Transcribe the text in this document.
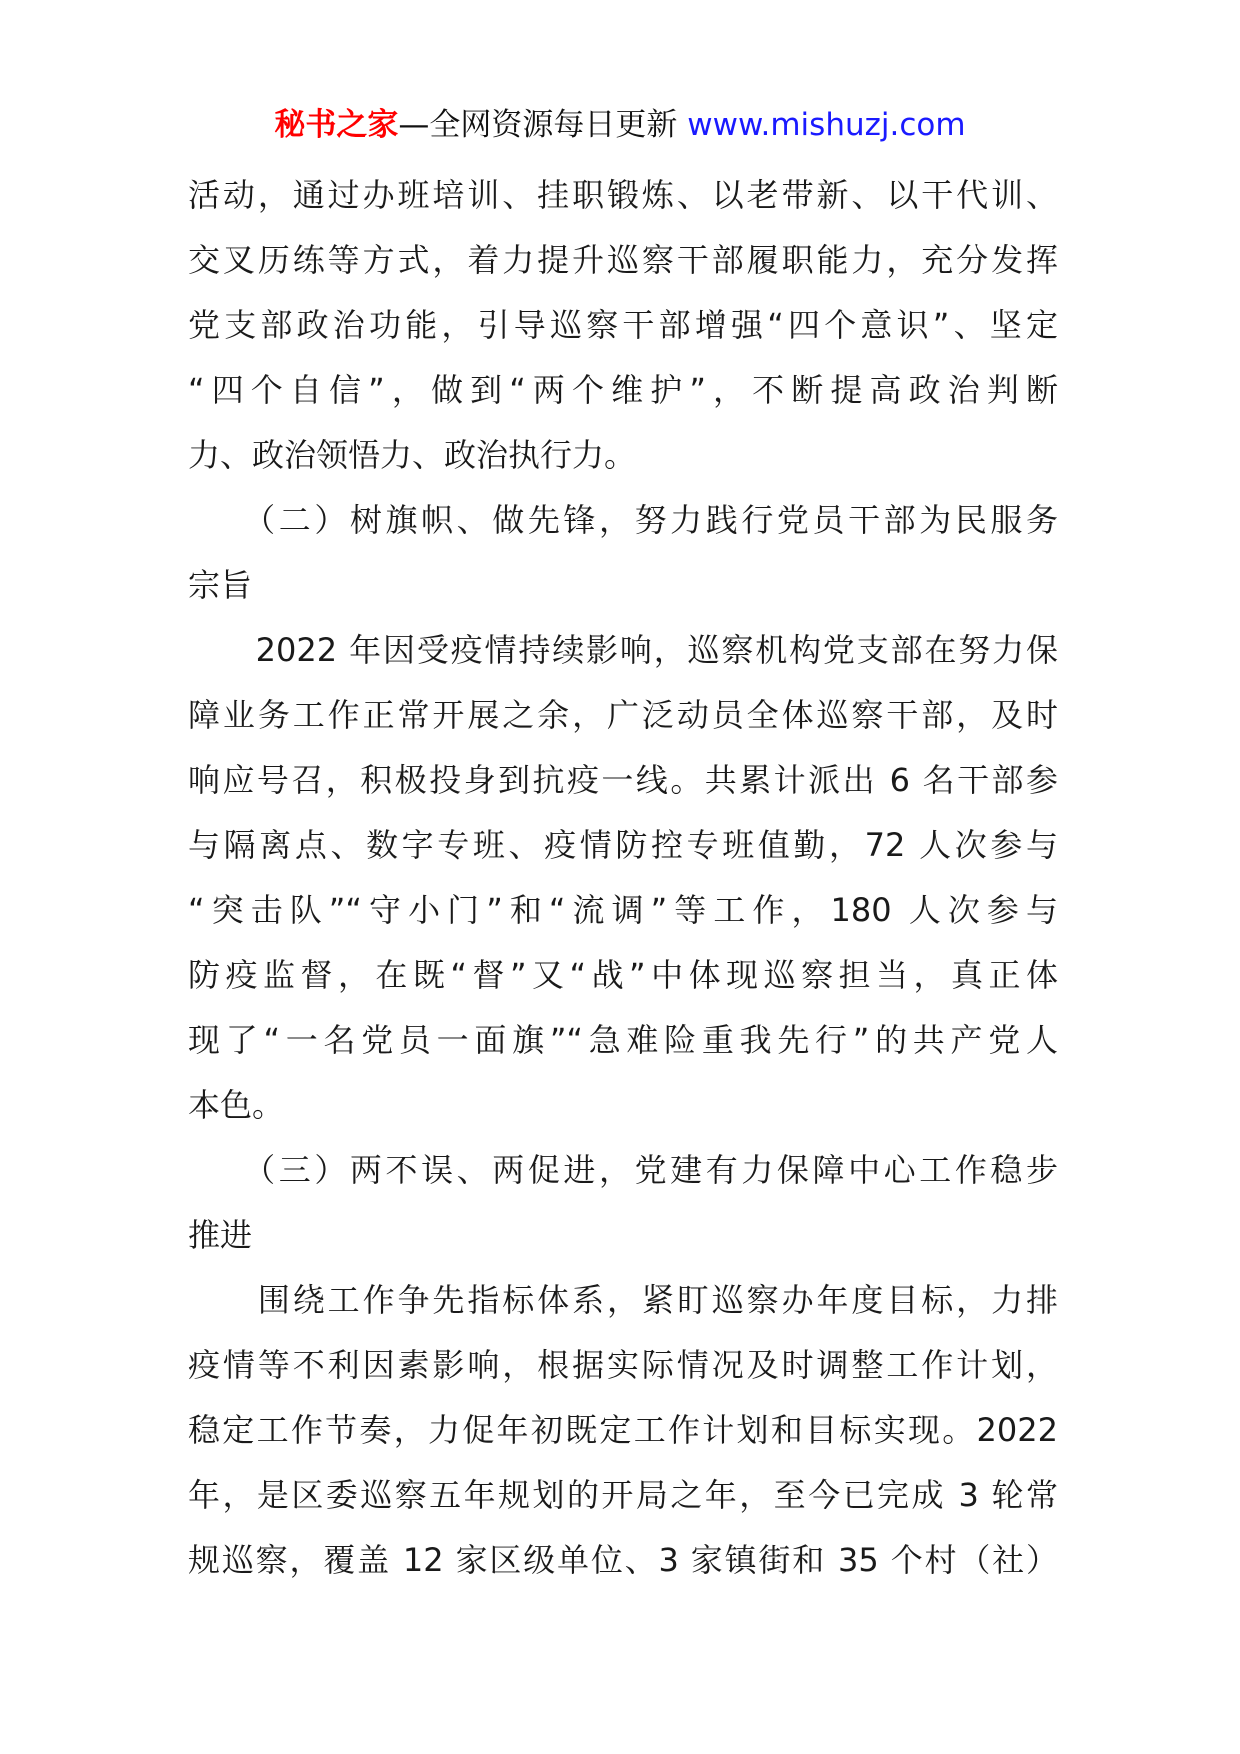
秘书之家—全网资源每日更新 www.mishuzj.com
活动，通过办班培训、挂职锻炼、以老带新、以干代训、
交叉历练等方式，着力提升巡察干部履职能力，充分发挥
党支部政治功能，引导巡察干部增强“四个意识”、坚定
“四个自信”，做到“两个维护”，不断提高政治判断
力、政治领悟力、政治执行力。
　　（二）树旗帜、做先锋，努力践行党员干部为民服务
宗旨
　　2022 年因受疫情持续影响，巡察机构党支部在努力保
障业务工作正常开展之余，广泛动员全体巡察干部，及时
响应号召，积极投身到抗疫一线。共累计派出 6 名干部参
与隔离点、数字专班、疫情防控专班值勤，72 人次参与
“突击队”“守小门”和“流调”等工作，180 人次参与
防疫监督，在既“督”又“战”中体现巡察担当，真正体
现了“一名党员一面旗”“急难险重我先行”的共产党人
本色。
　　（三）两不误、两促进，党建有力保障中心工作稳步
推进
　　围绕工作争先指标体系，紧盯巡察办年度目标，力排
疫情等不利因素影响，根据实际情况及时调整工作计划，
稳定工作节奏，力促年初既定工作计划和目标实现。2022
年，是区委巡察五年规划的开局之年，至今已完成 3 轮常
规巡察，覆盖 12 家区级单位、3 家镇街和 35 个村（社）
